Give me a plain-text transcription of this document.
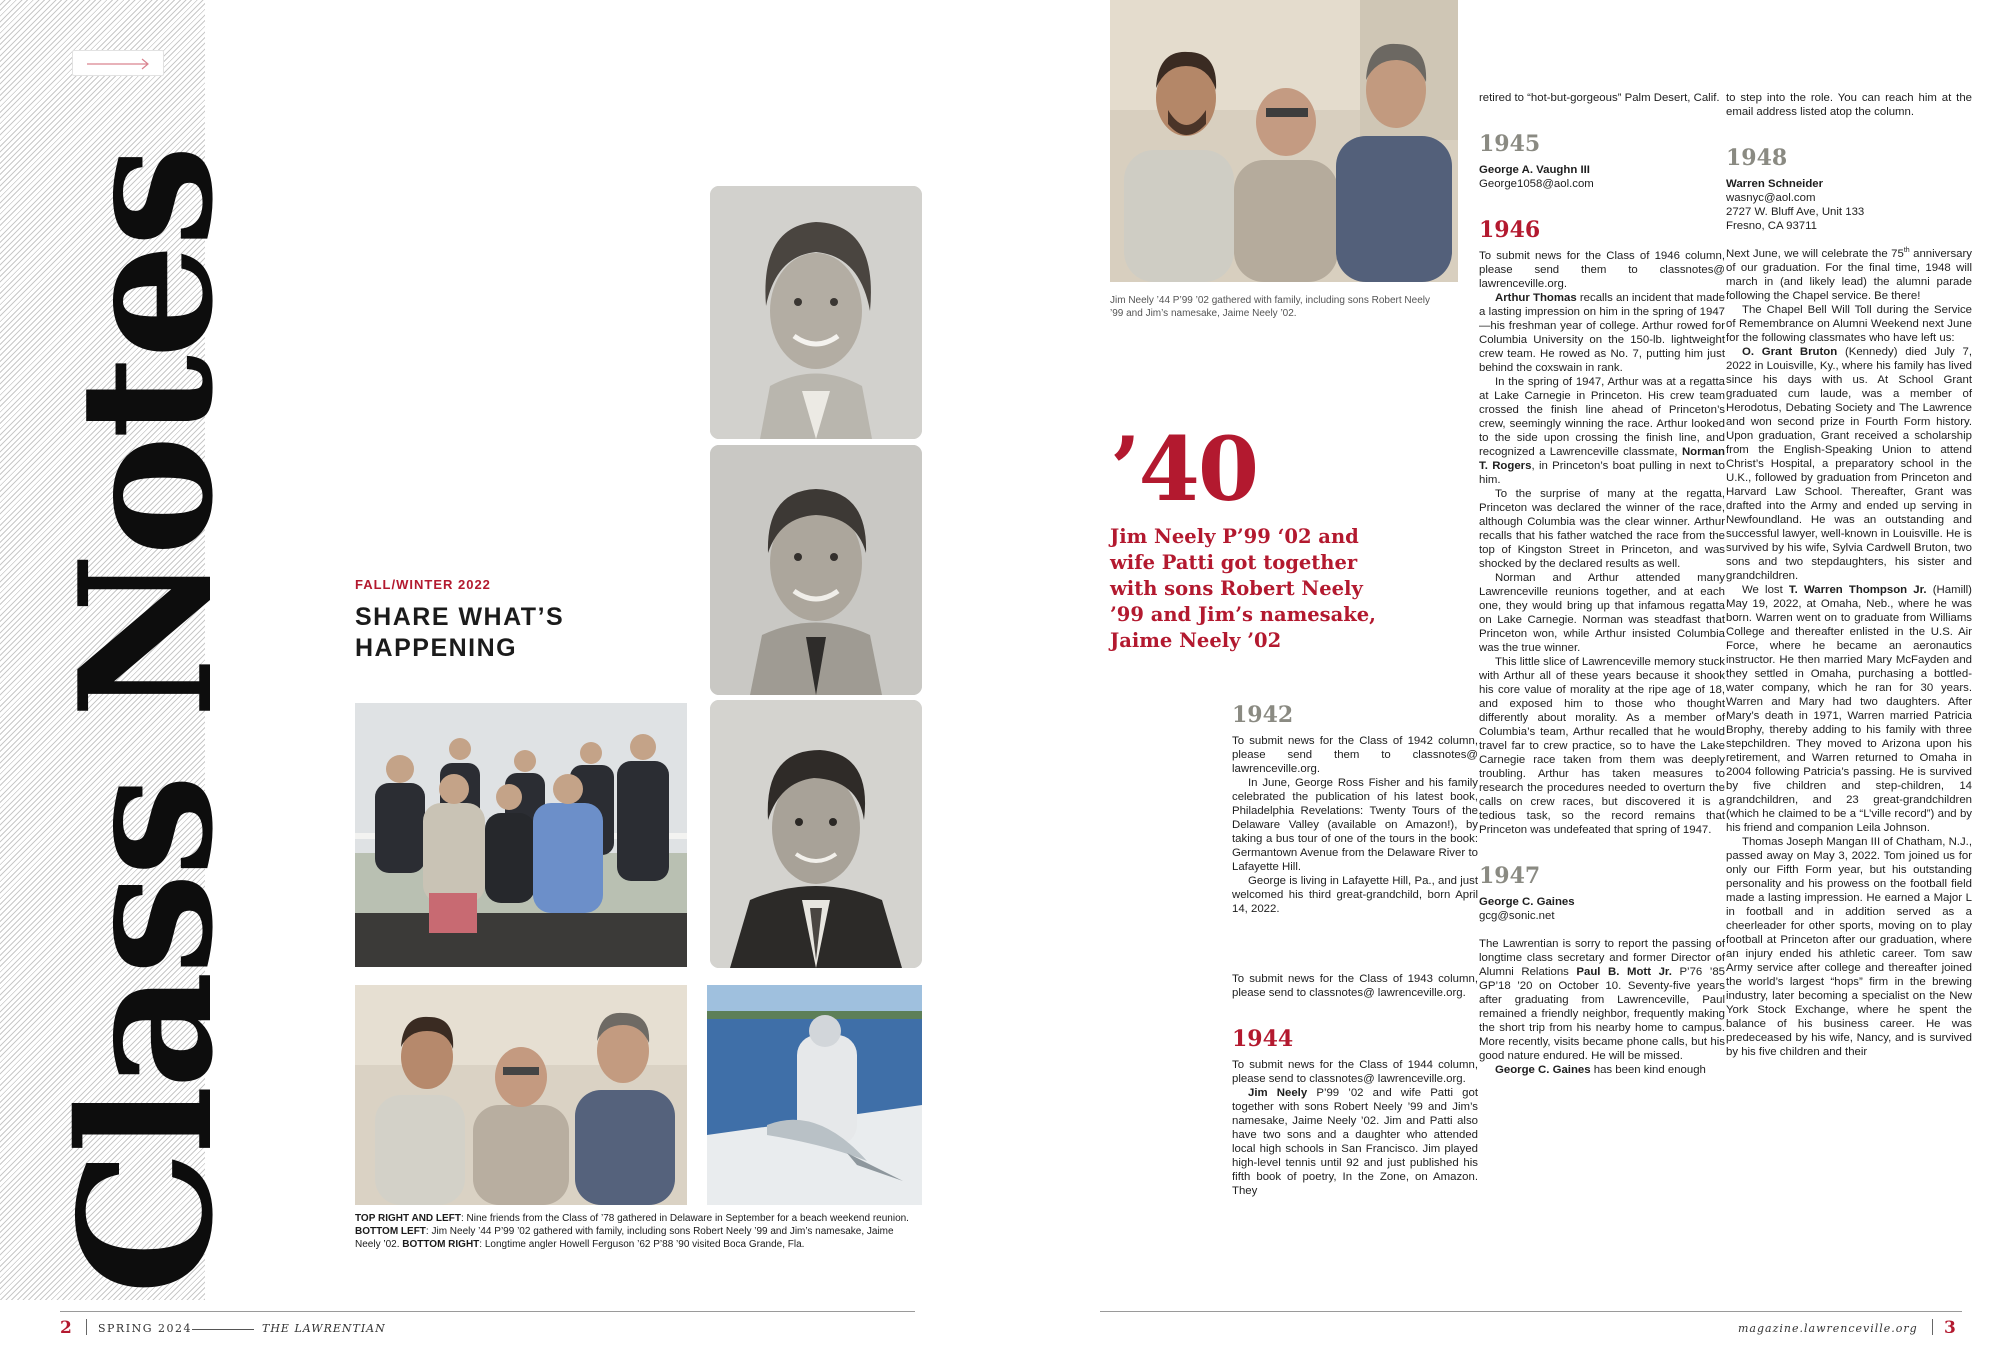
Class Notes	FALL/WINTER 2022
SHARE WHAT’S HAPPENING
TOP RIGHT AND LEFT: Nine friends from the Class of ’78 gathered in Delaware in September for a beach weekend reunion. BOTTOM LEFT: Jim Neely ’44 P’99 ’02 gathered with family, including sons Robert Neely ’99 and Jim’s namesake, Jaime Neely ’02. BOTTOM RIGHT: Longtime angler Howell Ferguson ’62 P’88 ’90 visited Boca Grande, Fla.
Jim Neely ’44 P’99 ’02 gathered with family, including sons Robert Neely ’99 and Jim’s namesake, Jaime Neely ’02.
’40
Jim Neely P’99 ‘02 and wife Patti got together with sons Robert Neely ’99 and Jim’s namesake, Jaime Neely ’02
1942

To submit news for the Class of 1942 column, please send them to classnotes@ lawrenceville.org.

In June, George Ross Fisher and his family celebrated the publication of his latest book, Philadelphia Revelations: Twenty Tours of the Delaware Valley (available on Amazon!), by taking a bus tour of one of the tours in the book: Germantown Avenue from the Delaware River to Lafayette Hill.

George is living in Lafayette Hill, Pa., and just welcomed his third great-grandchild, born April 14, 2022.

To submit news for the Class of 1943 column, please send to classnotes@ lawrenceville.org.

1944

To submit news for the Class of 1944 column, please send to classnotes@ lawrenceville.org.

Jim Neely P’99 ’02 and wife Patti got together with sons Robert Neely ’99 and Jim’s namesake, Jaime Neely ’02. Jim and Patti also have two sons and a daughter who attended local high schools in San Francisco. Jim played high-level tennis until 92 and just published his fifth book of poetry, In the Zone, on Amazon. They

retired to “hot-but-gorgeous” Palm Desert, Calif.

1945
George A. Vaughn III
George1058@aol.com
1946

To submit news for the Class of 1946 column, please send them to classnotes@ lawrenceville.org.

Arthur Thomas recalls an incident that made a lasting impression on him in the spring of 1947—his freshman year of college. Arthur rowed for Columbia University on the 150-lb. lightweight crew team. He rowed as No. 7, putting him just behind the coxswain in rank.

In the spring of 1947, Arthur was at a regatta at Lake Carnegie in Princeton. His crew team crossed the finish line ahead of Princeton’s crew, seemingly winning the race. Arthur looked to the side upon crossing the finish line, and recognized a Lawrenceville classmate, Norman T. Rogers, in Princeton’s boat pulling in next to him.

To the surprise of many at the regatta, Princeton was declared the winner of the race, although Columbia was the clear winner. Arthur recalls that his father watched the race from the top of Kingston Street in Princeton, and was shocked by the declared results as well.

Norman and Arthur attended many Lawrenceville reunions together, and at each one, they would bring up that infamous regatta on Lake Carnegie. Norman was steadfast that Princeton won, while Arthur insisted Columbia was the true winner.

This little slice of Lawrenceville memory stuck with Arthur all of these years because it shook his core value of morality at the ripe age of 18, and exposed him to those who thought differently about morality. As a member of Columbia’s team, Arthur recalled that he would travel far to crew practice, so to have the Lake Carnegie race taken from them was deeply troubling. Arthur has taken measures to research the procedures needed to overturn the calls on crew races, but discovered it is a tedious task, so the record remains that Princeton was undefeated that spring of 1947.

1947
George C. Gaines
gcg@sonic.net

The Lawrentian is sorry to report the passing of longtime class secretary and former Director of Alumni Relations Paul B. Mott Jr. P’76 ’85 GP’18 ’20 on October 10. Seventy-five years after graduating from Lawrenceville, Paul remained a friendly neighbor, frequently making the short trip from his nearby home to campus. More recently, visits became phone calls, but his good nature endured. He will be missed.

George C. Gaines has been kind enough

to step into the role. You can reach him at the email address listed atop the column.

1948
Warren Schneider
wasnyc@aol.com
2727 W. Bluff Ave, Unit 133
Fresno, CA 93711

Next June, we will celebrate the 75th anniversary of our graduation. For the final time, 1948 will march in (and likely lead) the alumni parade following the Chapel service. Be there!

The Chapel Bell Will Toll during the Service of Remembrance on Alumni Weekend next June for the following classmates who have left us:

O. Grant Bruton (Kennedy) died July 7, 2022 in Louisville, Ky., where his family has lived since his days with us. At School Grant graduated cum laude, was a member of Herodotus, Debating Society and The Lawrence and won second prize in Fourth Form history. Upon graduation, Grant received a scholarship from the English-Speaking Union to attend Christ’s Hospital, a preparatory school in the U.K., followed by graduation from Princeton and Harvard Law School. Thereafter, Grant was drafted into the Army and ended up serving in Newfoundland. He was an outstanding and successful lawyer, well-known in Louisville. He is survived by his wife, Sylvia Cardwell Bruton, two sons and two stepdaughters, his sister and grandchildren.

We lost T. Warren Thompson Jr. (Hamill) May 19, 2022, at Omaha, Neb., where he was born. Warren went on to graduate from Williams College and thereafter enlisted in the U.S. Air Force, where he became an aeronautics instructor. He then married Mary McFayden and they settled in Omaha, purchasing a bottled-water company, which he ran for 30 years. Warren and Mary had two daughters. After Mary’s death in 1971, Warren married Patricia Brophy, thereby adding to his family with three stepchildren. They moved to Arizona upon his retirement, and Warren returned to Omaha in 2004 following Patricia’s passing. He is survived by five children and step-children, 14 grandchildren, and 23 great-grandchildren (which he claimed to be a “L’ville record”) and by his friend and companion Leila Johnson.

Thomas Joseph Mangan III of Chatham, N.J., passed away on May 3, 2022. Tom joined us for only our Fifth Form year, but his outstanding personality and his prowess on the football field made a lasting impression. He earned a Major L in football and in addition served as a cheerleader for other sports, moving on to play football at Princeton after our graduation, where an injury ended his athletic career. Tom saw Army service after college and thereafter joined the world’s largest “hops” firm in the brewing industry, later becoming a specialist on the New York Stock Exchange, where he spent the balance of his business career. He was predeceased by his wife, Nancy, and is survived by his five children and their

2 SPRING 2024	THE LAWRENTIAN	magazine.lawrenceville.org 3
